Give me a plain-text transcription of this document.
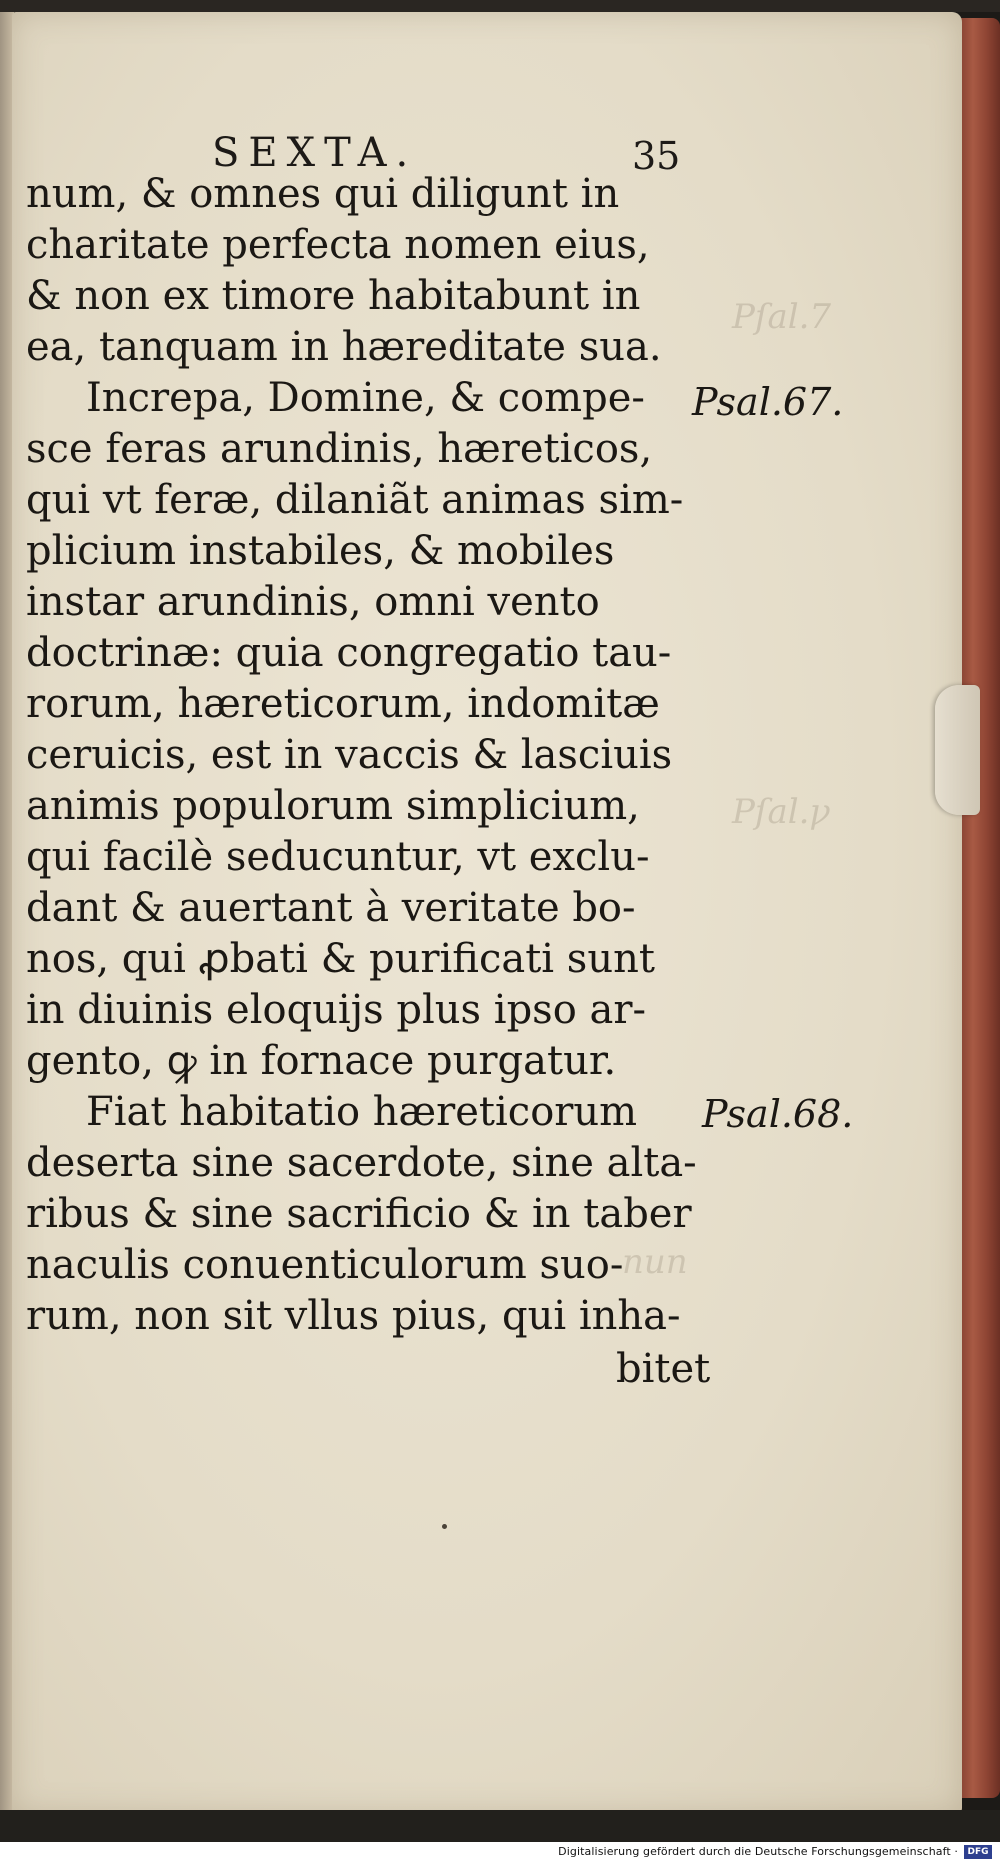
Pſal.7
Pſal.ꝩ
nun
SEXTA.	35
num, & omnes qui diligunt in
charitate perfecta nomen eius,
& non ex timore habitabunt in
ea, tanquam in hæreditate sua.
Increpa, Domine, & compe-
sce feras arundinis, hæreticos,
qui vt feræ, dilaniãt animas sim-
plicium instabiles, & mobiles
instar arundinis, omni vento
doctrinæ: quia congregatio tau-
rorum, hæreticorum, indomitæ
ceruicis, est in vaccis & lasciuis
animis populorum simplicium,
qui facilè seducuntur, vt exclu-
dant & auertant à veritate bo-
nos, qui ꝓbati & purificati sunt
in diuinis eloquijs plus ipso ar-
gento, ꝙ in fornace purgatur.
Fiat habitatio hæreticorum
deserta sine sacerdote, sine alta-
ribus & sine sacrificio & in taber
naculis conuenticulorum suo-
rum, non sit vllus pius, qui inha-
bitet
Psal.67.
Psal.68.
Digitalisierung gefördert durch die Deutsche Forschungsgemeinschaft ·	DFG
